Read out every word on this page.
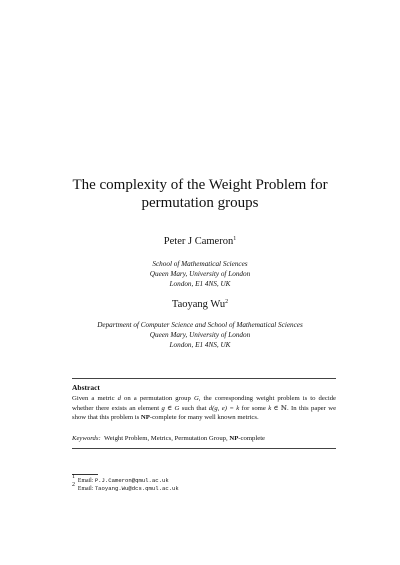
The complexity of the Weight Problem for
permutation groups
Peter J Cameron$^1$
School of Mathematical Sciences
Queen Mary, University of London
London, E1 4NS, UK
Taoyang Wu$^2$
Department of Computer Science and School of Mathematical Sciences
Queen Mary, University of London
London, E1 4NS, UK
Abstract
Given a metric d on a permutation group G, the corresponding weight problem is to decide whether there exists an element g ∈ G such that d(g, e) = k for some k ∈ ℕ. In this paper we show that this problem is NP-complete for many well known metrics.
Keywords: Weight Problem, Metrics, Permutation Group, NP-complete
$^1$  Email: P.J.Cameron@qmul.ac.uk
$^2$  Email: Taoyang.Wu@dcs.qmul.ac.uk
